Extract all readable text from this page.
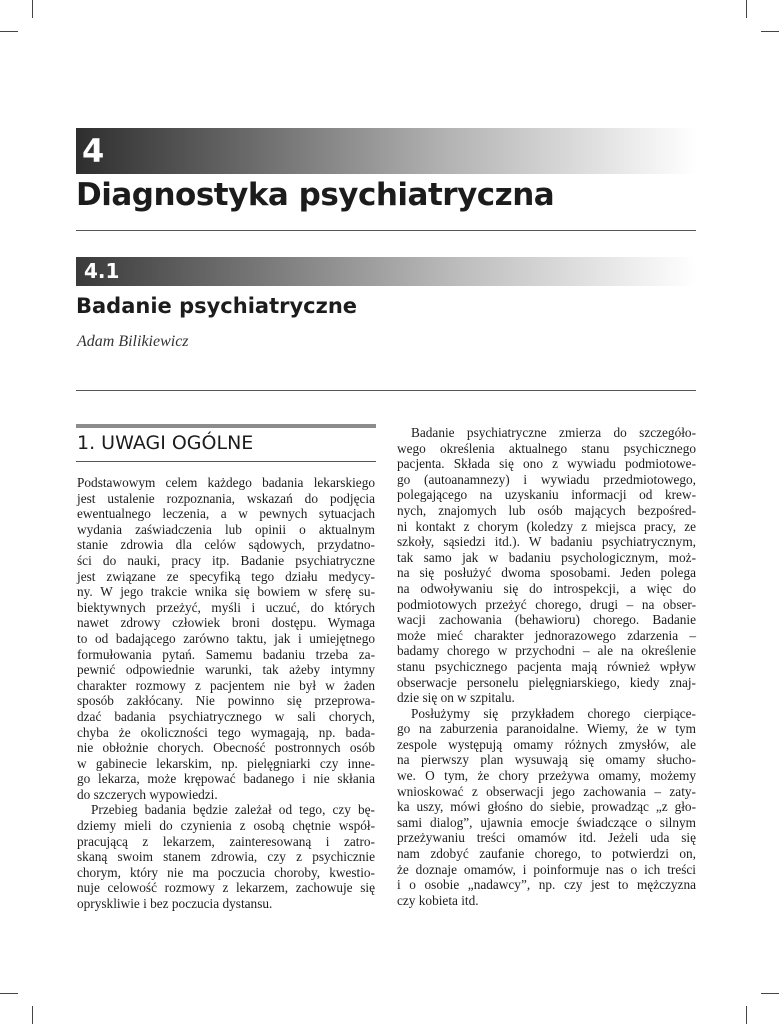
4
Diagnostyka psychiatryczna
4.1
Badanie psychiatryczne
Adam Bilikiewicz
1. UWAGI OGÓLNE
Podstawowym celem każdego badania lekarskiego
jest ustalenie rozpoznania, wskazań do podjęcia
ewentualnego leczenia, a w pewnych sytuacjach
wydania zaświadczenia lub opinii o aktualnym
stanie zdrowia dla celów sądowych, przydatno-
ści do nauki, pracy itp. Badanie psychiatryczne
jest związane ze specyfiką tego działu medycy-
ny. W jego trakcie wnika się bowiem w sferę su-
biektywnych przeżyć, myśli i uczuć, do których
nawet zdrowy człowiek broni dostępu. Wymaga
to od badającego zarówno taktu, jak i umiejętnego
formułowania pytań. Samemu badaniu trzeba za-
pewnić odpowiednie warunki, tak ażeby intymny
charakter rozmowy z pacjentem nie był w żaden
sposób zakłócany. Nie powinno się przeprowa-
dzać badania psychiatrycznego w sali chorych,
chyba że okoliczności tego wymagają, np. bada-
nie obłożnie chorych. Obecność postronnych osób
w gabinecie lekarskim, np. pielęgniarki czy inne-
go lekarza, może krępować badanego i nie skłania
do szczerych wypowiedzi.
Przebieg badania będzie zależał od tego, czy bę-
dziemy mieli do czynienia z osobą chętnie współ-
pracującą z lekarzem, zainteresowaną i zatro-
skaną swoim stanem zdrowia, czy z psychicznie
chorym, który nie ma poczucia choroby, kwestio-
nuje celowość rozmowy z lekarzem, zachowuje się
opryskliwie i bez poczucia dystansu.
Badanie psychiatryczne zmierza do szczegóło-
wego określenia aktualnego stanu psychicznego
pacjenta. Składa się ono z wywiadu podmiotowe-
go (autoanamnezy) i wywiadu przedmiotowego,
polegającego na uzyskaniu informacji od krew-
nych, znajomych lub osób mających bezpośred-
ni kontakt z chorym (koledzy z miejsca pracy, ze
szkoły, sąsiedzi itd.). W badaniu psychiatrycznym,
tak samo jak w badaniu psychologicznym, moż-
na się posłużyć dwoma sposobami. Jeden polega
na odwoływaniu się do introspekcji, a więc do
podmiotowych przeżyć chorego, drugi – na obser-
wacji zachowania (behawioru) chorego. Badanie
może mieć charakter jednorazowego zdarzenia –
badamy chorego w przychodni – ale na określenie
stanu psychicznego pacjenta mają również wpływ
obserwacje personelu pielęgniarskiego, kiedy znaj-
dzie się on w szpitalu.
Posłużymy się przykładem chorego cierpiące-
go na zaburzenia paranoidalne. Wiemy, że w tym
zespole występują omamy różnych zmysłów, ale
na pierwszy plan wysuwają się omamy słucho-
we. O tym, że chory przeżywa omamy, możemy
wnioskować z obserwacji jego zachowania – zaty-
ka uszy, mówi głośno do siebie, prowadząc „z gło-
sami dialog”, ujawnia emocje świadczące o silnym
przeżywaniu treści omamów itd. Jeżeli uda się
nam zdobyć zaufanie chorego, to potwierdzi on,
że doznaje omamów, i poinformuje nas o ich treści
i o osobie „nadawcy”, np. czy jest to mężczyzna
czy kobieta itd.
